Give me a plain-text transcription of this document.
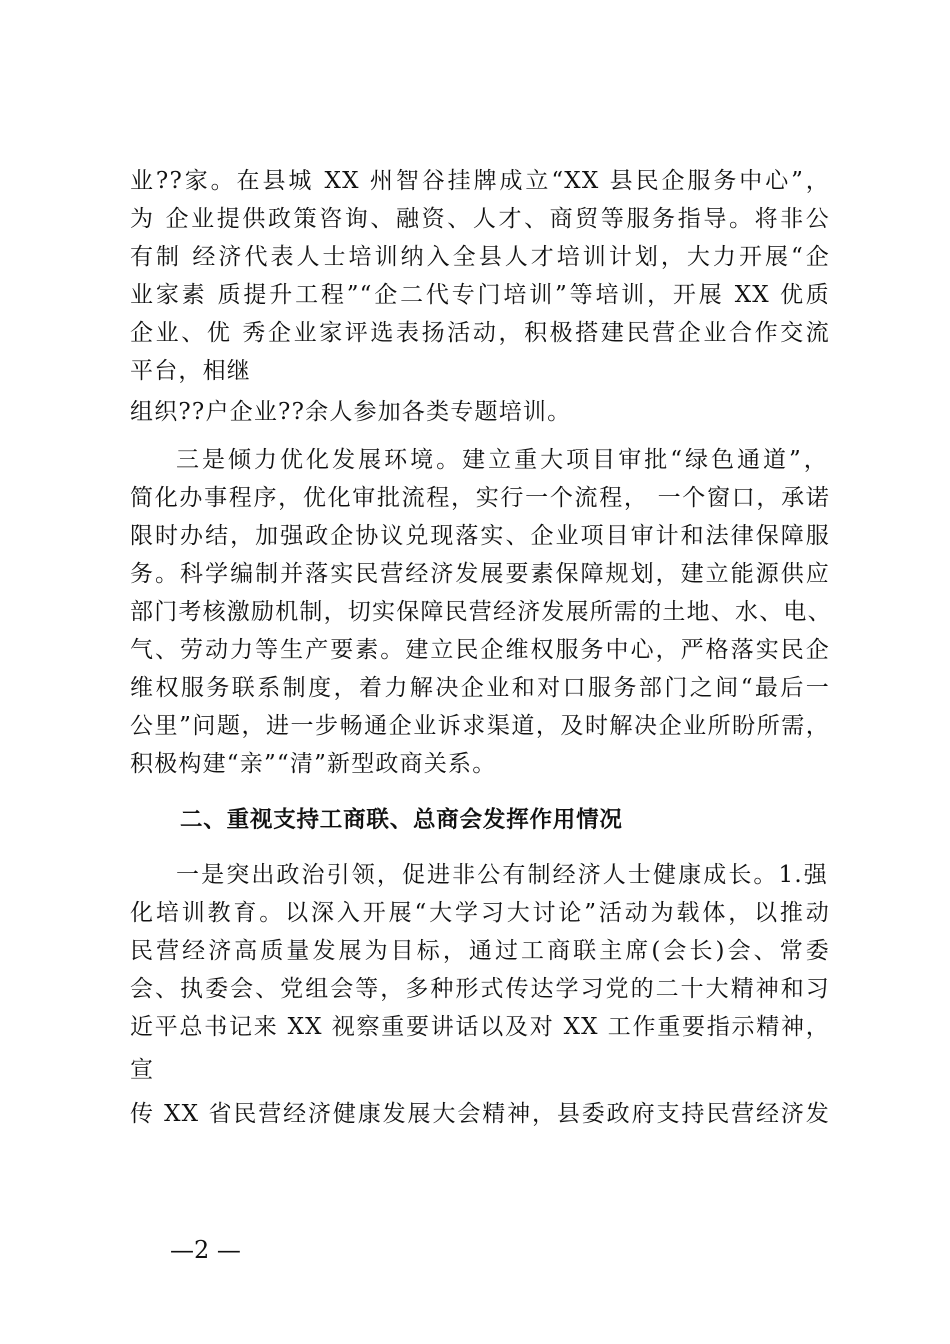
业??家。在县城 XX 州智谷挂牌成立“XX 县民企服务中心”，
为 企业提供政策咨询、融资、人才、商贸等服务指导。将非公
有制 经济代表人士培训纳入全县人才培训计划，大力开展“企
业家素 质提升工程”“企二代专门培训”等培训，开展 XX 优质
企业、优 秀企业家评选表扬活动，积极搭建民营企业合作交流
平台，相继
组织??户企业??余人参加各类专题培训。
三是倾力优化发展环境。建立重大项目审批“绿色通道”，
简化办事程序，优化审批流程，实行一个流程， 一个窗口，承诺
限时办结，加强政企协议兑现落实、企业项目审计和法律保障服
务。科学编制并落实民营经济发展要素保障规划，建立能源供应
部门考核激励机制，切实保障民营经济发展所需的土地、水、电、
气、劳动力等生产要素。建立民企维权服务中心，严格落实民企
维权服务联系制度，着力解决企业和对口服务部门之间“最后一
公里”问题，进一步畅通企业诉求渠道，及时解决企业所盼所需，
积极构建“亲”“清”新型政商关系。
二、重视支持工商联、总商会发挥作用情况
一是突出政治引领，促进非公有制经济人士健康成长。1.强
化培训教育。以深入开展“大学习大讨论”活动为载体，以推动
民营经济高质量发展为目标，通过工商联主席(会长)会、常委
会、执委会、党组会等，多种形式传达学习党的二十大精神和习
近平总书记来 XX 视察重要讲话以及对 XX 工作重要指示精神，
宣
传 XX 省民营经济健康发展大会精神，县委政府支持民营经济发
—2 —
